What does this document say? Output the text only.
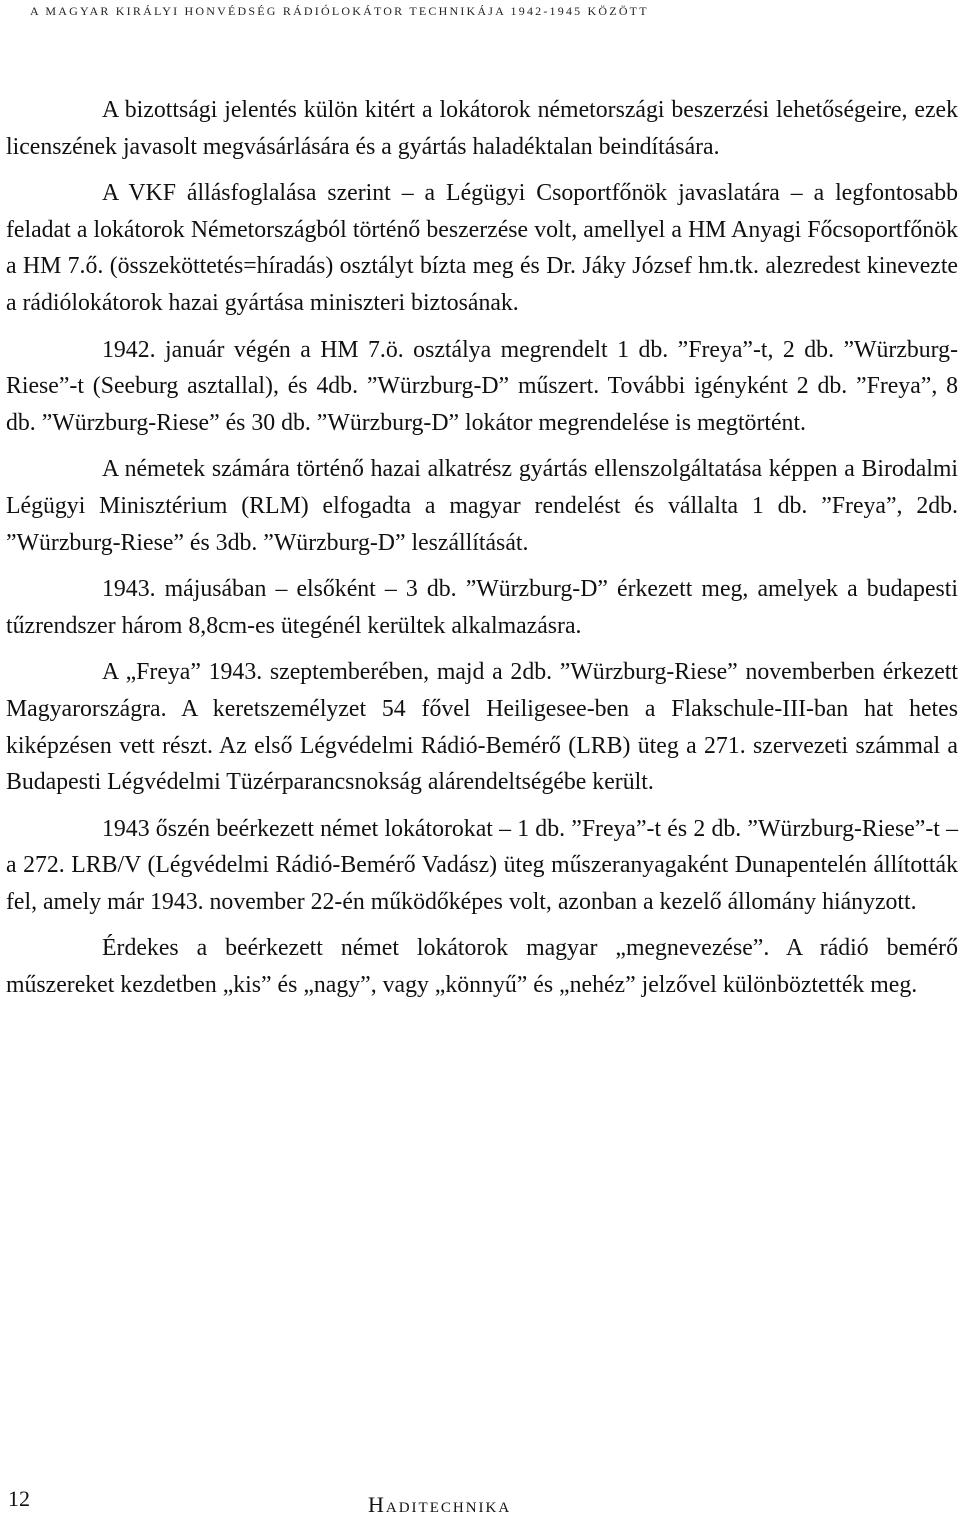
A MAGYAR KIRÁLYI HONVÉDSÉG RÁDIÓLOKÁTOR TECHNIKÁJA 1942-1945 KÖZÖTT

A bizottsági jelentés külön kitért a lokátorok németországi beszerzési lehetőségeire, ezek licenszének javasolt megvásárlására és a gyártás haladéktalan beindítására.

A VKF állásfoglalása szerint – a Légügyi Csoportfőnök javaslatára – a legfontosabb feladat a lokátorok Németországból történő beszerzése volt, amellyel a HM Anyagi Főcsoportfőnök a HM 7.ő. (összeköttetés=híradás) osztályt bízta meg és Dr. Jáky József hm.tk. alezredest kinevezte a rádiólokátorok hazai gyártása miniszteri biztosának.

1942. január végén a HM 7.ö. osztálya megrendelt 1 db. ”Freya”-t, 2 db. ”Würzburg-Riese”-t (Seeburg asztallal), és 4db. ”Würzburg-D” műszert. További igényként 2 db. ”Freya”, 8 db. ”Würzburg-Riese” és 30 db. ”Würzburg-D” lokátor megrendelése is megtörtént.

A németek számára történő hazai alkatrész gyártás ellenszolgáltatása képpen a Birodalmi Légügyi Minisztérium (RLM) elfogadta a magyar rendelést és vállalta 1 db. ”Freya”, 2db. ”Würzburg-Riese” és 3db. ”Würzburg-D” leszállítását.

1943. májusában – elsőként – 3 db. ”Würzburg-D” érkezett meg, amelyek a budapesti tűzrendszer három 8,8cm-es ütegénél kerültek alkalmazásra.

A „Freya” 1943. szeptemberében, majd a 2db. ”Würzburg-Riese” novemberben érkezett Magyarországra. A keretszemélyzet 54 fővel Heiligesee-ben a Flakschule-III-ban hat hetes kiképzésen vett részt. Az első Légvédelmi Rádió-Bemérő (LRB) üteg a 271. szervezeti számmal a Budapesti Légvédelmi Tüzérparancsnokság alárendeltségébe került.

1943 őszén beérkezett német lokátorokat – 1 db. ”Freya”-t és 2 db. ”Würzburg-Riese”-t – a 272. LRB/V (Légvédelmi Rádió-Bemérő Vadász) üteg műszeranyagaként Dunapentelén állították fel, amely már 1943. november 22-én működőképes volt, azonban a kezelő állomány hiányzott.

Érdekes a beérkezett német lokátorok magyar „megnevezése”. A rádió bemérő műszereket kezdetben „kis” és „nagy”, vagy „könnyű” és „nehéz” jelzővel különböztették meg.

12	Haditechnika
